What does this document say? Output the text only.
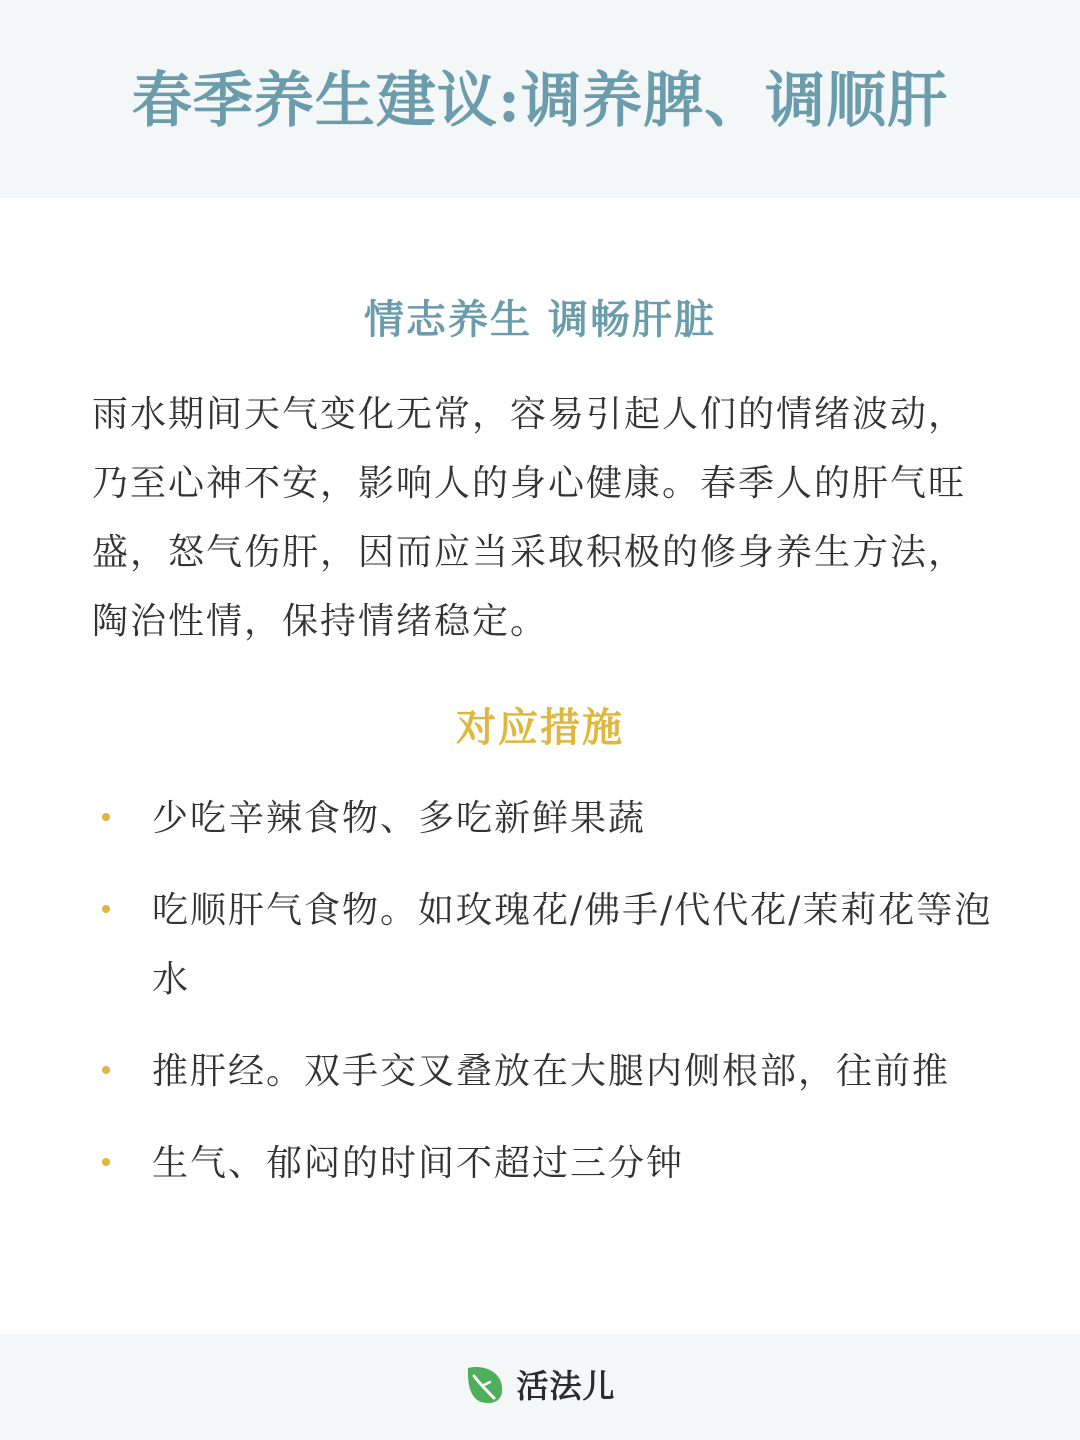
春季养生建议:调养脾、调顺肝
情志养生 调畅肝脏
雨水期间天气变化无常，容易引起人们的情绪波动，乃至心神不安，影响人的身心健康。春季人的肝气旺盛，怒气伤肝，因而应当采取积极的修身养生方法，陶治性情，保持情绪稳定。
对应措施
少吃辛辣食物、多吃新鲜果蔬
吃顺肝气食物。如玫瑰花/佛手/代代花/茉莉花等泡水
推肝经。双手交叉叠放在大腿内侧根部，往前推
生气、郁闷的时间不超过三分钟
活法儿
